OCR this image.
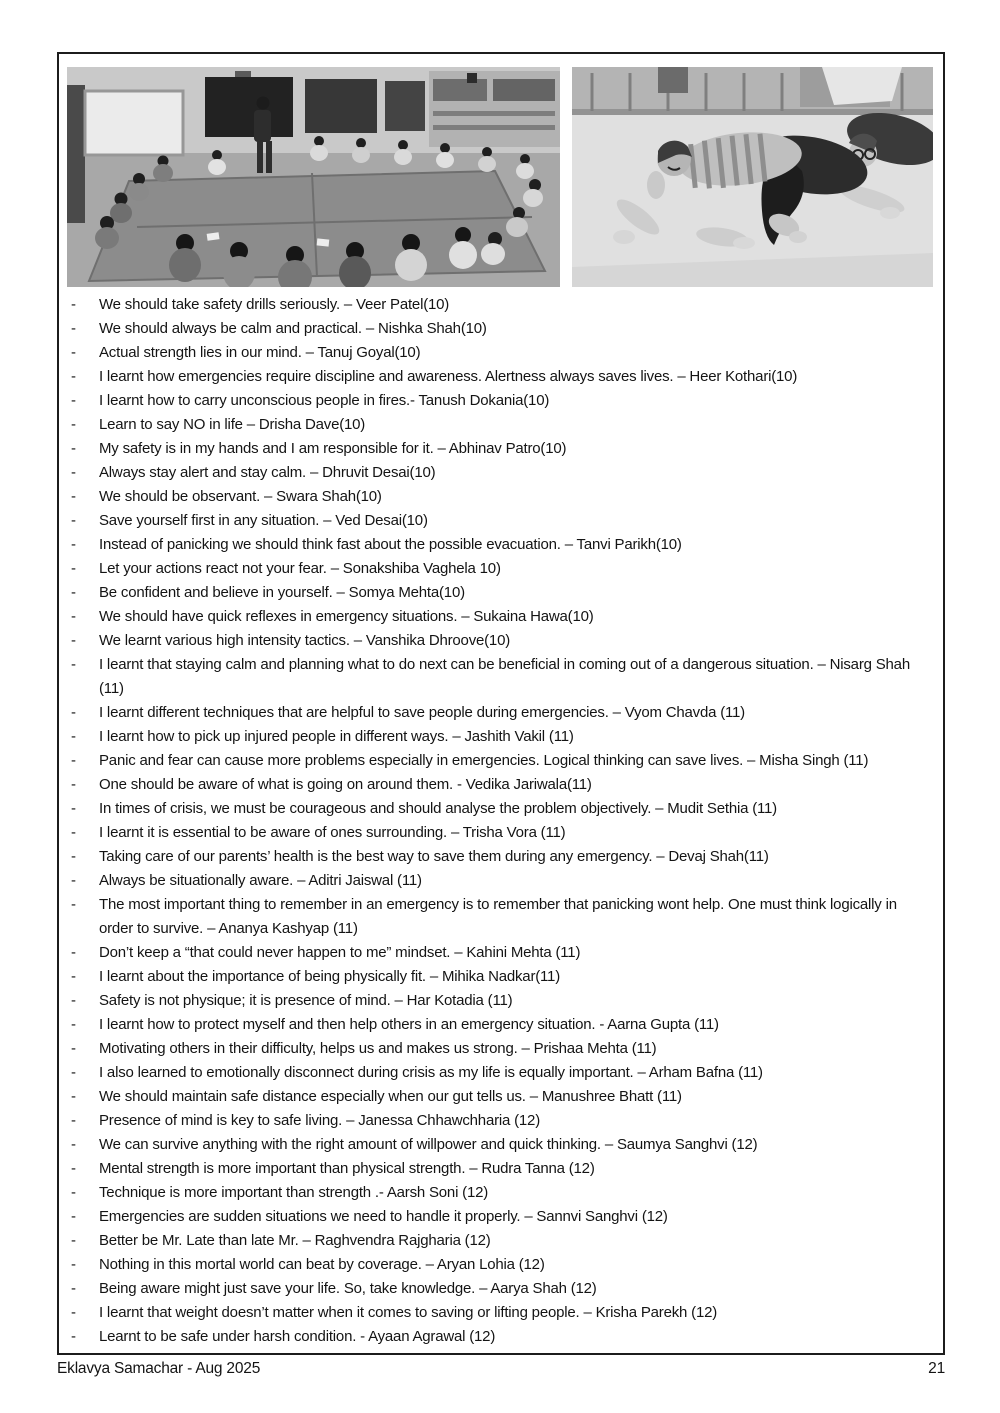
-	We should take safety drills seriously. – Veer Patel(10)
-	We should always be calm and practical. – Nishka Shah(10)
-	Actual strength lies in our mind. – Tanuj Goyal(10)
-	I learnt how emergencies require discipline and awareness. Alertness always saves lives. – Heer Kothari(10)
-	I learnt how to carry unconscious people in fires.- Tanush Dokania(10)
-	Learn to say NO in life – Drisha Dave(10)
-	My safety is in my hands and I am responsible for it. – Abhinav Patro(10)
-	Always stay alert and stay calm. – Dhruvit Desai(10)
-	We should be observant. – Swara Shah(10)
-	Save yourself first in any situation. – Ved Desai(10)
-	Instead of panicking we should think fast about the possible evacuation. – Tanvi Parikh(10)
-	Let your actions react not your fear. – Sonakshiba Vaghela 10)
-	Be confident and believe in yourself. – Somya Mehta(10)
-	We should have quick reflexes in emergency situations. – Sukaina Hawa(10)
-	We learnt various high intensity tactics. – Vanshika Dhroove(10)
-	I learnt that staying calm and planning what to do next can be beneficial in coming out of a dangerous situation. – Nisarg Shah (11)
-	I learnt different techniques that are helpful to save people during emergencies. – Vyom Chavda (11)
-	I learnt how to pick up injured people in different ways. – Jashith Vakil (11)
-	Panic and fear can cause more problems especially in emergencies. Logical thinking can save lives. – Misha Singh (11)
-	One should be aware of what is going on around them. - Vedika Jariwala(11)
-	In times of crisis, we must be courageous and should analyse the problem objectively. – Mudit Sethia (11)
-	I learnt it is essential to be aware of ones surrounding. – Trisha Vora (11)
-	Taking care of our parents’ health is the best way to save them during any emergency. – Devaj Shah(11)
-	Always be situationally aware. – Aditri Jaiswal (11)
-	The most important thing to remember in an emergency is to remember that panicking wont help. One must think logically in order to survive. – Ananya Kashyap (11)
-	Don’t keep a “that could never happen to me” mindset. – Kahini Mehta (11)
-	I learnt about the importance of being physically fit. – Mihika Nadkar(11)
-	Safety is not physique; it is presence of mind. – Har Kotadia (11)
-	I learnt how to protect myself and then help others in an emergency situation. - Aarna Gupta (11)
-	Motivating others in their difficulty, helps us and makes us strong. – Prishaa Mehta (11)
-	I also learned to emotionally disconnect during crisis as my life is equally important. – Arham Bafna (11)
-	We should maintain safe distance especially when our gut tells us. – Manushree Bhatt (11)
-	Presence of mind is key to safe living. – Janessa Chhawchharia (12)
-	We can survive anything with the right amount of willpower and quick thinking. – Saumya Sanghvi (12)
-	Mental strength is more important than physical strength. – Rudra Tanna (12)
-	Technique is more important than strength .- Aarsh Soni (12)
-	Emergencies are sudden situations we need to handle it properly. – Sannvi Sanghvi (12)
-	Better be Mr. Late than late Mr. – Raghvendra Rajgharia (12)
-	Nothing in this mortal world can beat by coverage. – Aryan Lohia (12)
-	Being aware might just save your life. So, take knowledge. – Aarya Shah (12)
-	I learnt that weight doesn’t matter when it comes to saving or lifting people. – Krisha Parekh (12)
-	Learnt to be safe under harsh condition. - Ayaan Agrawal (12)
Eklavya Samachar - Aug 2025	21
